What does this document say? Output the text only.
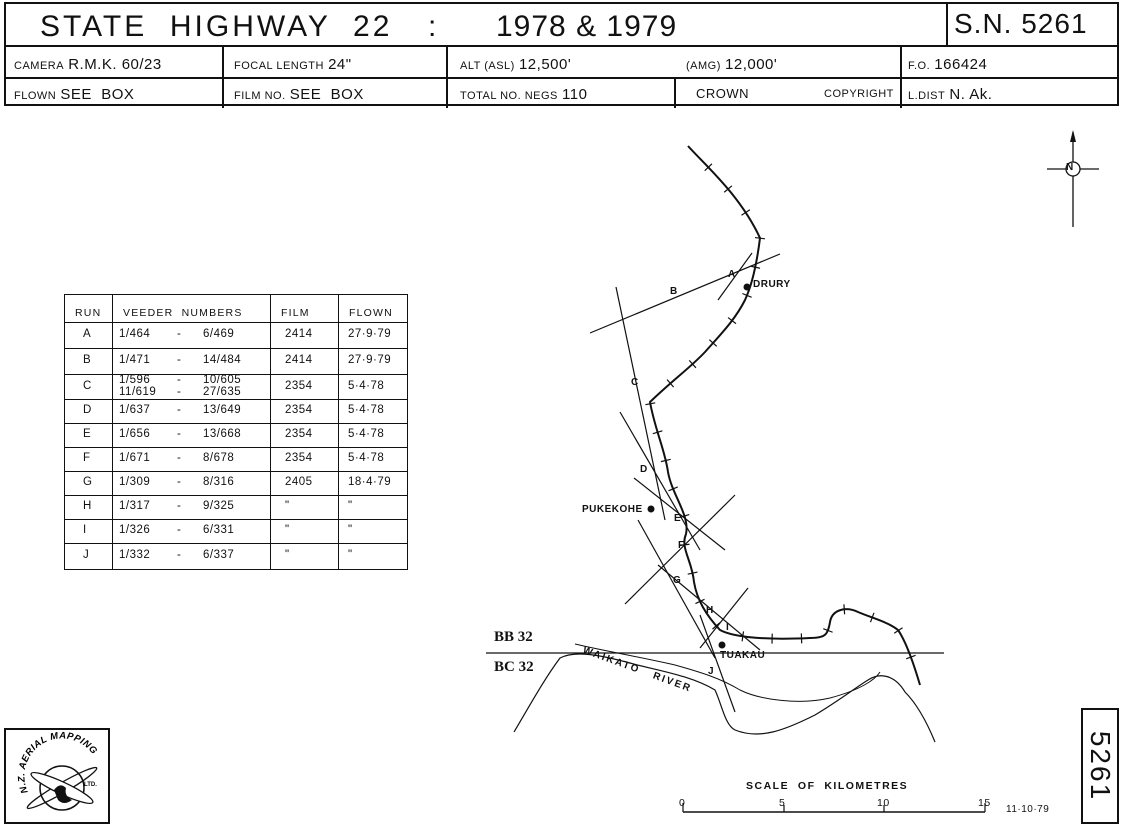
STATE  HIGHWAY  22 : 1978 & 1979	S.N. 5261
CAMERA R.M.K. 60/23	FOCAL LENGTH 24"	ALT (ASL) 12,500'	(AMG) 12,000'	F.O. 166424
FLOWN SEE  BOX	FILM NO. SEE  BOX	TOTAL NO. NEGS 110	CROWN	COPYRIGHT L.DIST N. Ak.
RUN VEEDER  NUMBERS	FILM	FLOWN
A 1/464 - 6/469	2414	27·9·79
B 1/471 - 14/484	2414	27·9·79
C 1/596 - 10/605
11/619 - 27/635	2354	5·4·78
D 1/637 - 13/649	2354	5·4·78
E 1/656 - 13/668	2354	5·4·78
F 1/671 - 8/678	2354	5·4·78
G 1/309 - 8/316	2405	18·4·79
H 1/317 - 9/325	"	"
I	1/326 - 6/331	"	"
J	1/332 - 6/337	"	"
N
DRURY
PUKEKOHE
TUAKAU
WAIKATO   RIVER
BB 32
BC 32
A
B
C
D
E
F
G
H
I
J
SCALE  OF  KILOMETRES
0	5	10	15
11·10·79
N.Z. AERIAL MAPPING
LTD.	5261
